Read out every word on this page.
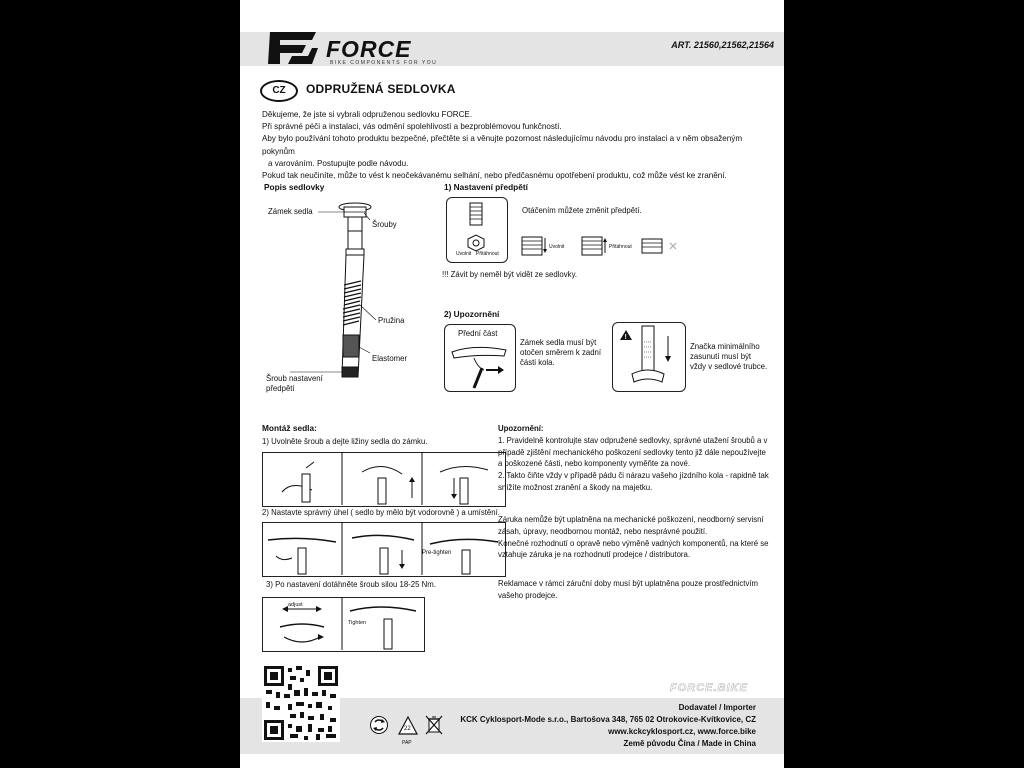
FORCE
BIKE COMPONENTS FOR YOU
ART. 21560,21562,21564
CZ	ODPRUŽENÁ SEDLOVKA

Děkujeme, že jste si vybrali odpruženou sedlovku FORCE.

Při správné péči a instalaci, vás odmění spolehlivostí a bezproblémovou funkčností.

Aby bylo používání tohoto produktu bezpečné, přečtěte si a věnujte pozornost následujícímu návodu pro instalaci a v něm obsaženým pokynům

a varováním. Postupujte podle návodu.

Pokud tak neučiníte, může to vést k neočekávanému selhání, nebo předčasnému opotřebení produktu, což může vést ke zranění.

Popis sedlovky
Zámek sedla
Šrouby
Pružina
Elastomer
Šroub nastavení
předpětí
1) Nastavení předpětí
Otáčením můžete změnit předpětí.
Uvolnit Přitáhnout
Uvolnit	Přitáhnout
!!! Závit by neměl být vidět ze sedlovky.
2) Upozornění
Přední část
Zámek sedla musí být
otočen směrem k zadní
části kola.
!
Značka minimálního
zasunutí musí být
vždy v sedlové trubce.
Montáž sedla:
1) Uvolněte šroub a dejte ližiny sedla do zámku.
2) Nastavte správný úhel ( sedlo by mělo být vodorovně ) a umístění.
Pre-tighten
3) Po nastavení dotáhněte šroub silou 18-25 Nm.
adjust
Tighten

Upozornění:

1. Pravidelně kontrolujte stav odpružené sedlovky, správné utažení šroubů a v

případě zjištění mechanického poškození sedlovky tento již dále nepoužívejte

a poškozené části, nebo komponenty vyměňte za nové.

2. Takto čiňte vždy v případě pádu či nárazu vašeho jízdního kola - rapidně tak

snížíte možnost zranění a škody na majetku.

Záruka nemůže být uplatněna na mechanické poškození, neodborný servisní

zásah, úpravy, neodbornou montáž, nebo nesprávné použití.

Konečné rozhodnutí o opravě nebo výměně vadných komponentů, na které se

vztahuje záruka je na rozhodnutí prodejce / distributora.

Reklamace v rámci záruční doby musí být uplatněna pouze prostřednictvím

vašeho prodejce.

FORCE.BIKE
22
PAP
Dodavatel / Importer
KCK Cyklosport-Mode s.r.o., Bartošova 348, 765 02 Otrokovice-Kvítkovice, CZ
www.kckcyklosport.cz, www.force.bike
Země původu Čína / Made in China
